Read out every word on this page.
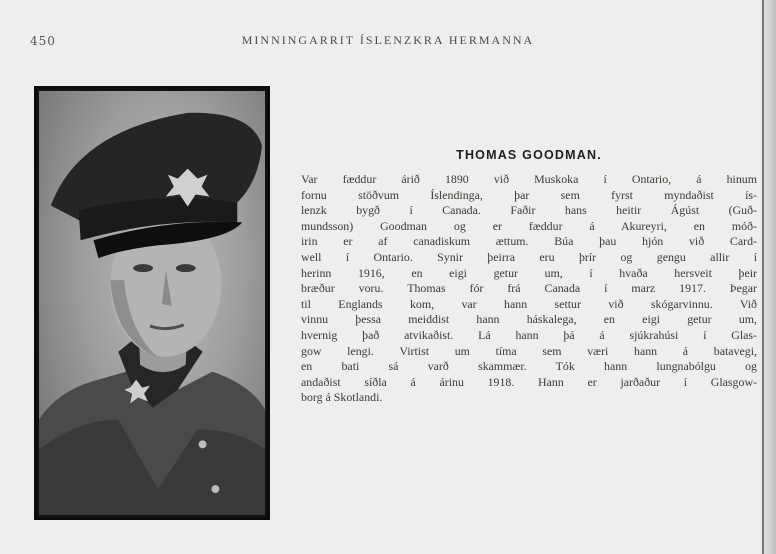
450	MINNINGARRIT ÍSLENZKRA HERMANNA
THOMAS GOODMAN.

Var fæddur árið 1890 við Muskoka í Ontario, á hinum

fornu stöðvum Íslendinga, þar sem fyrst myndaðist ís-

lenzk bygð í Canada. Faðir hans heitir Ágúst (Guð-

mundsson) Goodman og er fæddur á Akureyri, en móð-

irin er af canadiskum ættum. Búa þau hjón við Card-

well í Ontario. Synir þeirra eru þrír og gengu allir í

herinn 1916, en eigi getur um, í hvaða hersveit þeir

bræður voru. Thomas fór frá Canada í marz 1917. Þegar

til Englands kom, var hann settur við skógarvinnu. Við

vinnu þessa meiddist hann háskalega, en eigi getur um,

hvernig það atvikaðist. Lá hann þá á sjúkrahúsi í Glas-

gow lengi. Virtist um tíma sem væri hann á batavegi,

en bati sá varð skammær. Tók hann lungnabólgu og

andaðist síðla á árinu 1918. Hann er jarðaður í Glasgow-

borg á Skotlandi.
